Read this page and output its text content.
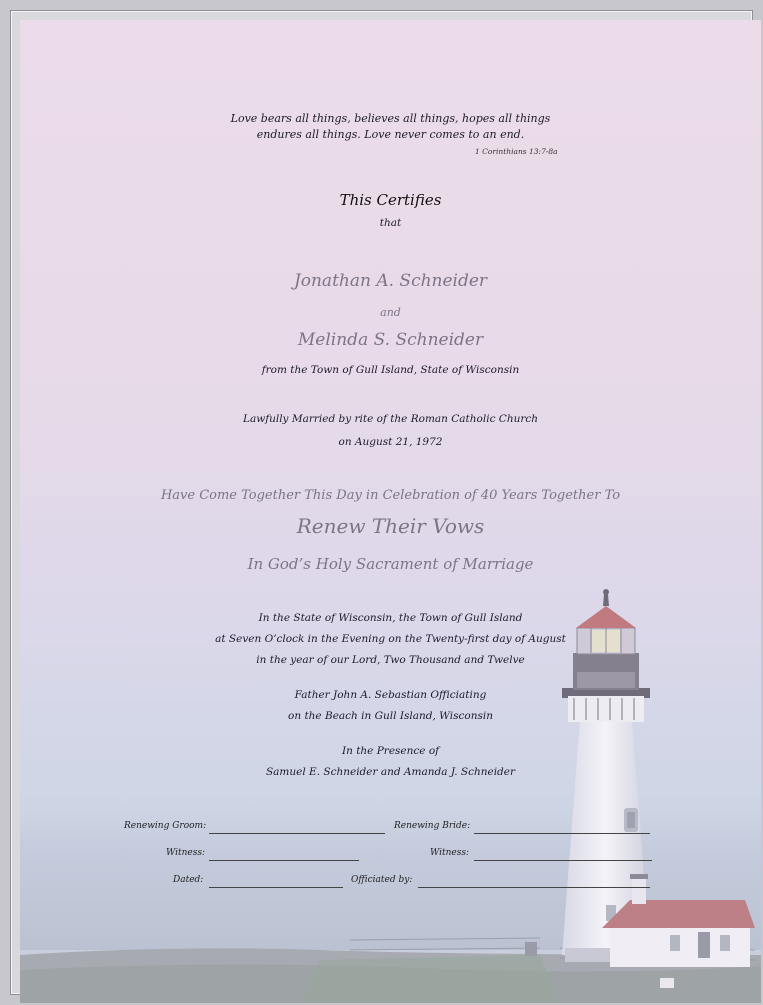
Love bears all things, believes all things, hopes all things
endures all things. Love never comes to an end.
1 Corinthians 13:7-8a
This Certifies
that
Jonathan A. Schneider
and
Melinda S. Schneider
from the Town of Gull Island, State of Wisconsin
Lawfully Married by rite of the Roman Catholic Church
on August 21, 1972
Have Come Together This Day in Celebration of 40 Years Together To
Renew Their Vows
In God’s Holy Sacrament of Marriage
In the State of Wisconsin, the Town of Gull Island
at Seven O’clock in the Evening on the Twenty-first day of August
in the year of our Lord, Two Thousand and Twelve
Father John A. Sebastian Officiating
on the Beach in Gull Island, Wisconsin
In the Presence of
Samuel E. Schneider and Amanda J. Schneider
Renewing Groom:	Renewing Bride:
Witness:	Witness:
Dated:	Officiated by:
